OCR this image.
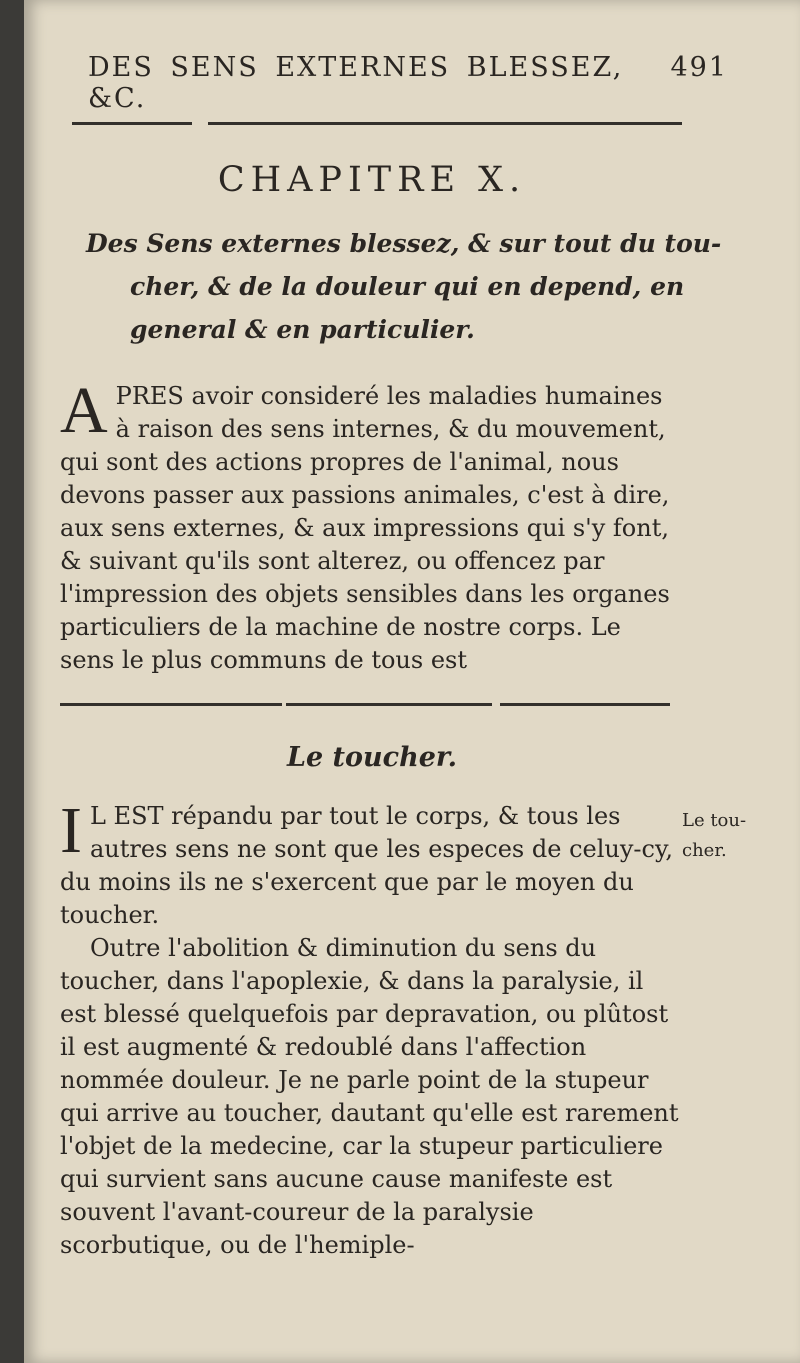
DES SENS EXTERNES BLESSEZ, &C.
491
CHAPITRE X.

Des Sens externes blessez, & sur tout du tou-

cher, & de la douleur qui en depend, en

general & en particulier.

A PRES avoir consideré les maladies humaines à raison des sens internes, & du mouvement, qui sont des actions propres de l'animal, nous devons passer aux passions animales, c'est à dire, aux sens externes, & aux impressions qui s'y font, & suivant qu'ils sont alterez, ou offencez par l'impression des objets sensibles dans les organes particuliers de la machine de nostre corps. Le sens le plus communs de tous est
Le toucher.
I L EST répandu par tout le corps, & tous les autres sens ne sont que les especes de celuy-cy, du moins ils ne s'exercent que par le moyen du toucher.
Le tou-
cher.

Outre l'abolition & diminution du sens du toucher, dans l'apoplexie, & dans la paralysie, il est blessé quelquefois par depravation, ou plûtost il est augmenté & redoublé dans l'affection nommée douleur. Je ne parle point de la stupeur qui arrive au toucher, dautant qu'elle est rarement l'objet de la medecine, car la stupeur particuliere qui survient sans aucune cause manifeste est souvent l'avant-coureur de la paralysie scorbutique, ou de l'hemiple-
